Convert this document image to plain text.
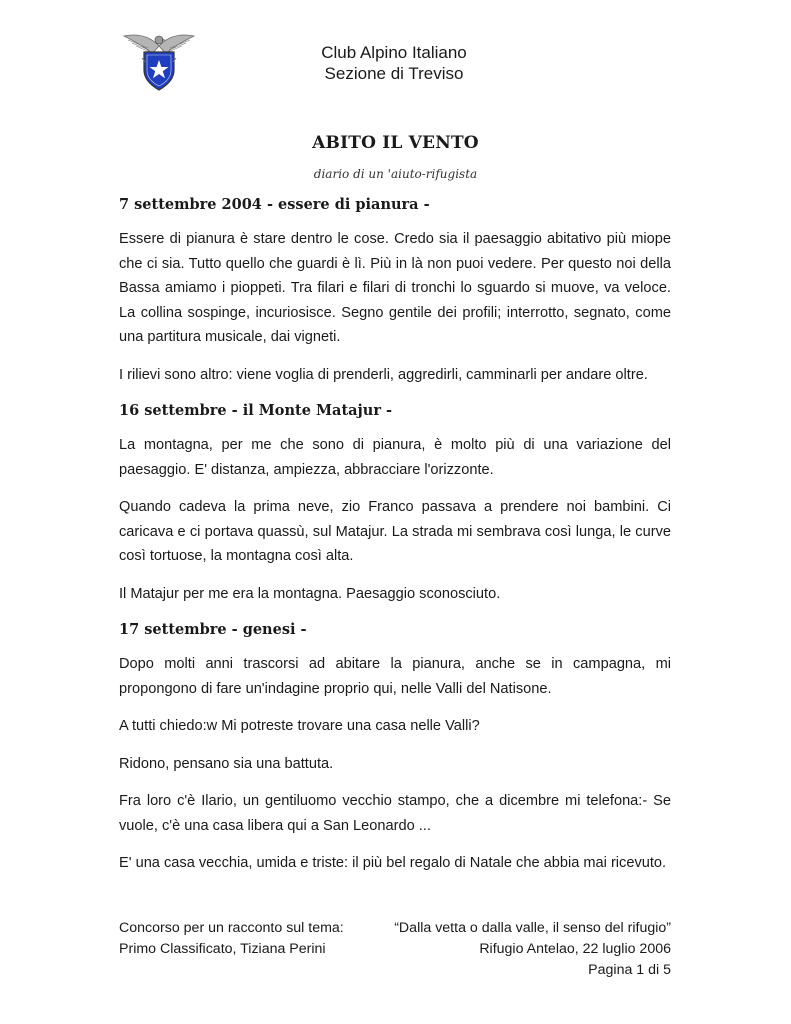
Club Alpino Italiano
Sezione di Treviso
ABITO IL VENTO
diario di un 'aiuto-rifugista
7 settembre 2004 - essere di pianura -

Essere di pianura è stare dentro le cose. Credo sia il paesaggio abitativo più miope che ci sia. Tutto quello che guardi è lì. Più in là non puoi vedere. Per questo noi della Bassa amiamo i pioppeti. Tra filari e filari di tronchi lo sguardo si muove, va veloce. La collina sospinge, incuriosisce. Segno gentile dei profili; interrotto, segnato, come una partitura musicale, dai vigneti.

I rilievi sono altro: viene voglia di prenderli, aggredirli, camminarli per andare oltre.

16 settembre - il Monte Matajur -

La montagna, per me che sono di pianura, è molto più di una variazione del paesaggio. E' distanza, ampiezza, abbracciare l'orizzonte.

Quando cadeva la prima neve, zio Franco passava a prendere noi bambini. Ci caricava e ci portava quassù, sul Matajur. La strada mi sembrava così lunga, le curve così tortuose, la montagna così alta.

Il Matajur per me era la montagna. Paesaggio sconosciuto.

17 settembre - genesi -

Dopo molti anni trascorsi ad abitare la pianura, anche se in campagna, mi propongono di fare un'indagine proprio qui, nelle Valli del Natisone.

A tutti chiedo:w Mi potreste trovare una casa nelle Valli?

Ridono, pensano sia una battuta.

Fra loro c'è Ilario, un gentiluomo vecchio stampo, che a dicembre mi telefona:- Se vuole, c'è una casa libera qui a San Leonardo ...

E' una casa vecchia, umida e triste: il più bel regalo di Natale che abbia mai ricevuto.

Concorso per un racconto sul tema:	“Dalla vetta o dalla valle, il senso del rifugio”
Primo Classificato, Tiziana Perini	Rifugio Antelao, 22 luglio 2006
Pagina 1 di 5
